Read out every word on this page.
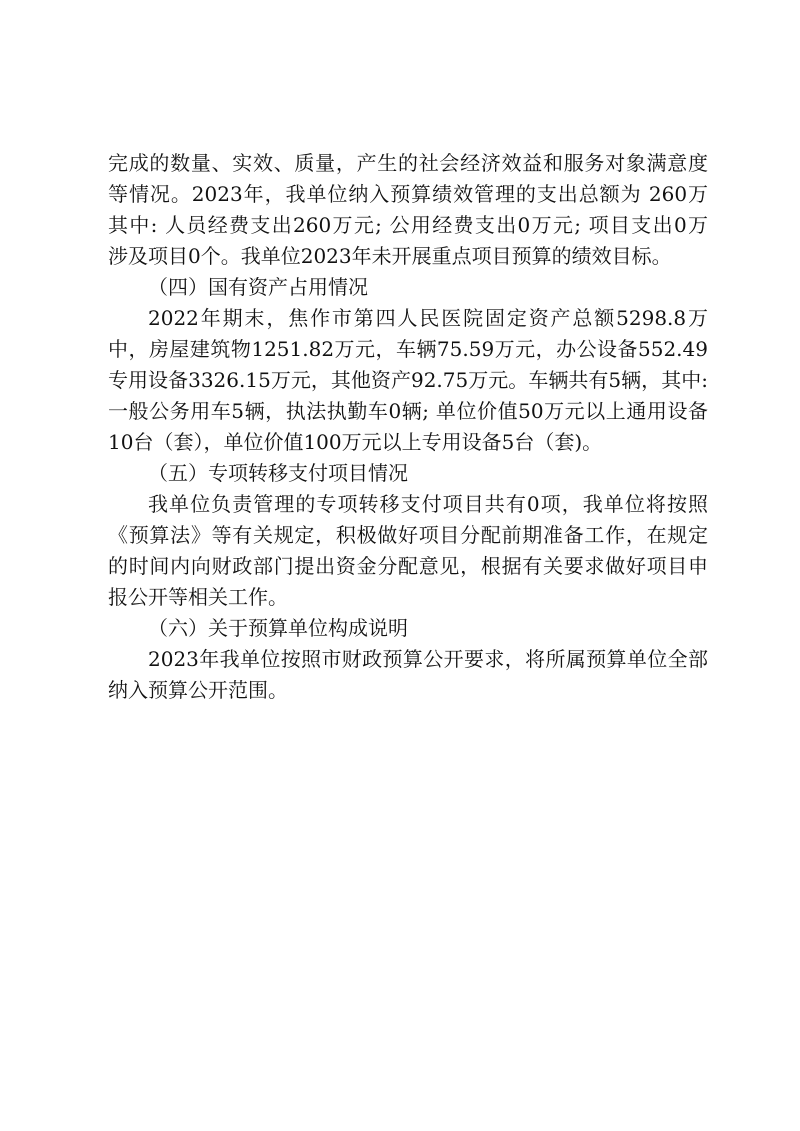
完成的数量、实效、质量，产生的社会经济效益和服务对象满意度
等情况。2023年，我单位纳入预算绩效管理的支出总额为 260万
其中: 人员经费支出260万元; 公用经费支出0万元; 项目支出0万
涉及项目0个。我单位2023年未开展重点项目预算的绩效目标。
（四）国有资产占用情况
2022年期末，焦作市第四人民医院固定资产总额5298.8万
中，房屋建筑物1251.82万元，车辆75.59万元，办公设备552.49
专用设备3326.15万元，其他资产92.75万元。车辆共有5辆，其中:
一般公务用车5辆，执法执勤车0辆; 单位价值50万元以上通用设备
10台（套），单位价值100万元以上专用设备5台（套)。
（五）专项转移支付项目情况
我单位负责管理的专项转移支付项目共有0项，我单位将按照
《预算法》等有关规定，积极做好项目分配前期准备工作，在规定
的时间内向财政部门提出资金分配意见，根据有关要求做好项目申
报公开等相关工作。
（六）关于预算单位构成说明
2023年我单位按照市财政预算公开要求，将所属预算单位全部
纳入预算公开范围。
